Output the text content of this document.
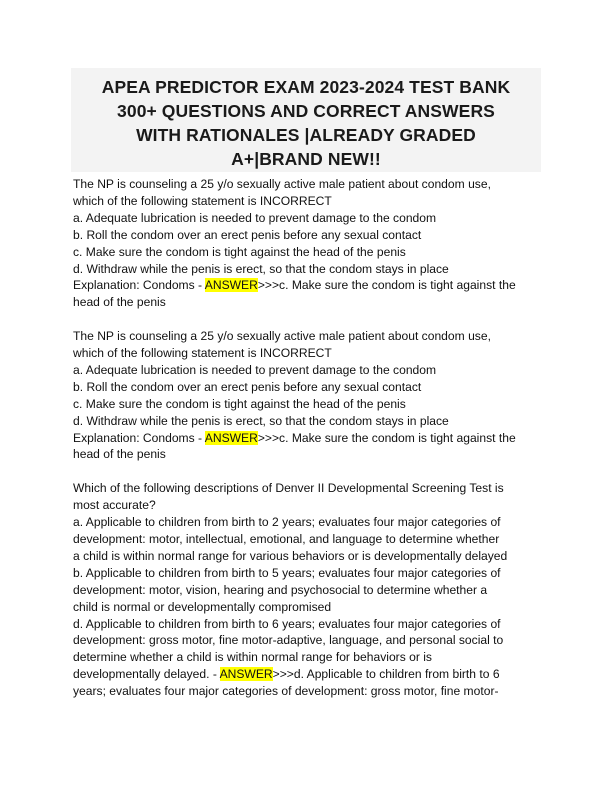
APEA PREDICTOR EXAM 2023-2024 TEST BANK
300+ QUESTIONS AND CORRECT ANSWERS
WITH RATIONALES |ALREADY GRADED
A+|BRAND NEW!!

The NP is counseling a 25 y/o sexually active male patient about condom use,

which of the following statement is INCORRECT

a. Adequate lubrication is needed to prevent damage to the condom

b. Roll the condom over an erect penis before any sexual contact

c. Make sure the condom is tight against the head of the penis

d. Withdraw while the penis is erect, so that the condom stays in place

Explanation: Condoms - ANSWER>>>c. Make sure the condom is tight against the

head of the penis

The NP is counseling a 25 y/o sexually active male patient about condom use,

which of the following statement is INCORRECT

a. Adequate lubrication is needed to prevent damage to the condom

b. Roll the condom over an erect penis before any sexual contact

c. Make sure the condom is tight against the head of the penis

d. Withdraw while the penis is erect, so that the condom stays in place

Explanation: Condoms - ANSWER>>>c. Make sure the condom is tight against the

head of the penis

Which of the following descriptions of Denver II Developmental Screening Test is

most accurate?

a. Applicable to children from birth to 2 years; evaluates four major categories of

development: motor, intellectual, emotional, and language to determine whether

a child is within normal range for various behaviors or is developmentally delayed

b. Applicable to children from birth to 5 years; evaluates four major categories of

development: motor, vision, hearing and psychosocial to determine whether a

child is normal or developmentally compromised

d. Applicable to children from birth to 6 years; evaluates four major categories of

development: gross motor, fine motor-adaptive, language, and personal social to

determine whether a child is within normal range for behaviors or is

developmentally delayed. - ANSWER>>>d. Applicable to children from birth to 6

years; evaluates four major categories of development: gross motor, fine motor-
